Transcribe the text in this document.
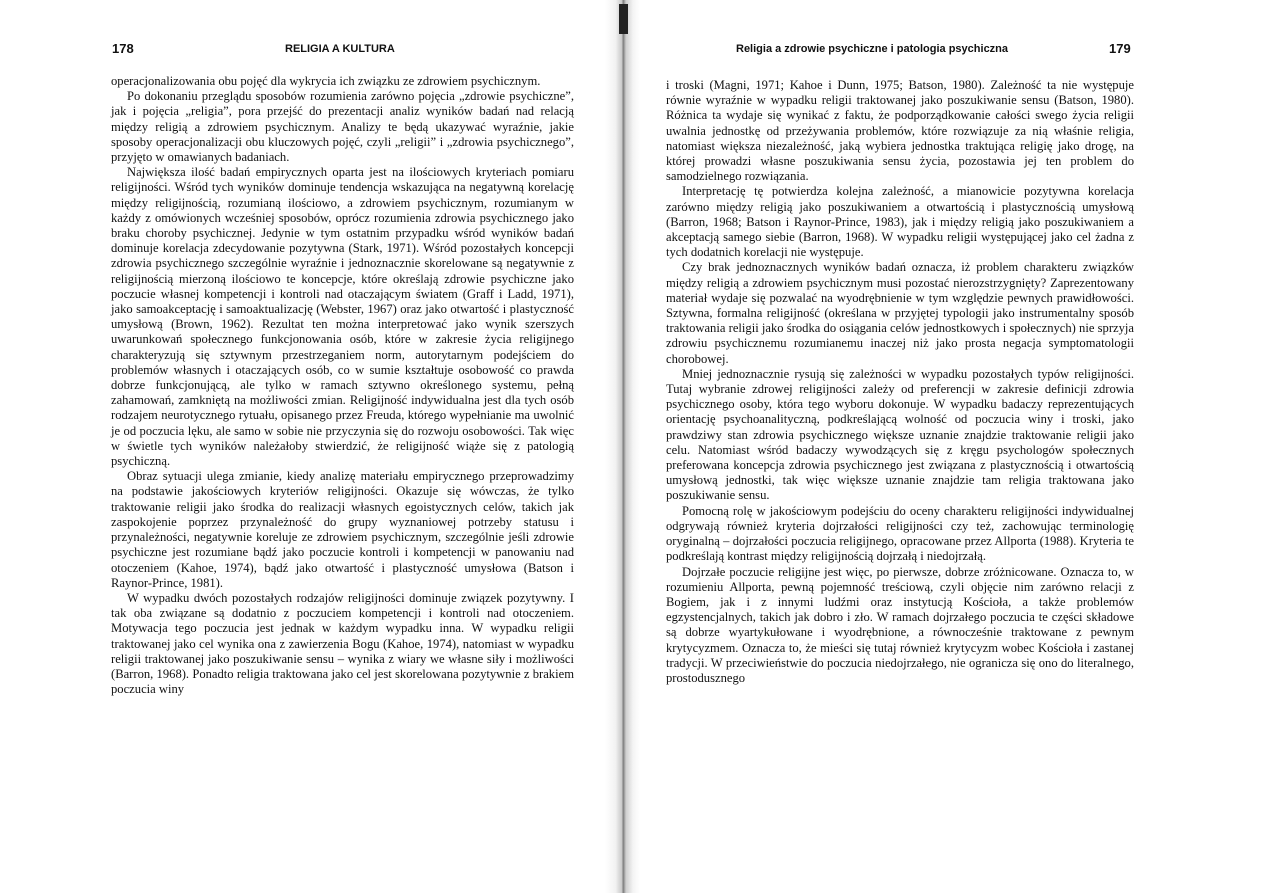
178	RELIGIA A KULTURA

operacjonalizowania obu pojęć dla wykrycia ich związku ze zdrowiem psychicznym.

Po dokonaniu przeglądu sposobów rozumienia zarówno pojęcia „zdrowie psychiczne”, jak i pojęcia „religia”, pora przejść do prezentacji analiz wyników badań nad relacją między religią a zdrowiem psychicznym. Analizy te będą ukazywać wyraźnie, jakie sposoby operacjonalizacji obu kluczowych pojęć, czyli „religii” i „zdrowia psychicznego”, przyjęto w omawianych badaniach.

Największa ilość badań empirycznych oparta jest na ilościowych kryteriach pomiaru religijności. Wśród tych wyników dominuje tendencja wskazująca na negatywną korelację między religijnością, rozumianą ilościowo, a zdrowiem psychicznym, rozumianym w każdy z omówionych wcześniej sposobów, oprócz rozumienia zdrowia psychicznego jako braku choroby psychicznej. Jedynie w tym ostatnim przypadku wśród wyników badań dominuje korelacja zdecydowanie pozytywna (Stark, 1971). Wśród pozostałych koncepcji zdrowia psychicznego szczególnie wyraźnie i jednoznacznie skorelowane są negatywnie z religijnością mierzoną ilościowo te koncepcje, które określają zdrowie psychiczne jako poczucie własnej kompetencji i kontroli nad otaczającym światem (Graff i Ladd, 1971), jako samoakceptację i samoaktualizację (Webster, 1967) oraz jako otwartość i plastyczność umysłową (Brown, 1962). Rezultat ten można interpretować jako wynik szerszych uwarunkowań społecznego funkcjonowania osób, które w zakresie życia religijnego charakteryzują się sztywnym przestrzeganiem norm, autorytarnym podejściem do problemów własnych i otaczających osób, co w sumie kształtuje osobowość co prawda dobrze funkcjonującą, ale tylko w ramach sztywno określonego systemu, pełną zahamowań, zamkniętą na możliwości zmian. Religijność indywidualna jest dla tych osób rodzajem neurotycznego rytuału, opisanego przez Freuda, którego wypełnianie ma uwolnić je od poczucia lęku, ale samo w sobie nie przyczynia się do rozwoju osobowości. Tak więc w świetle tych wyników należałoby stwierdzić, że religijność wiąże się z patologią psychiczną.

Obraz sytuacji ulega zmianie, kiedy analizę materiału empirycznego przeprowadzimy na podstawie jakościowych kryteriów religijności. Okazuje się wówczas, że tylko traktowanie religii jako środka do realizacji własnych egoistycznych celów, takich jak zaspokojenie poprzez przynależność do grupy wyznaniowej potrzeby statusu i przynależności, negatywnie koreluje ze zdrowiem psychicznym, szczególnie jeśli zdrowie psychiczne jest rozumiane bądź jako poczucie kontroli i kompetencji w panowaniu nad otoczeniem (Kahoe, 1974), bądź jako otwartość i plastyczność umysłowa (Batson i Raynor-Prince, 1981).

W wypadku dwóch pozostałych rodzajów religijności dominuje związek pozytywny. I tak oba związane są dodatnio z poczuciem kompetencji i kontroli nad otoczeniem. Motywacja tego poczucia jest jednak w każdym wypadku inna. W wypadku religii traktowanej jako cel wynika ona z zawierzenia Bogu (Kahoe, 1974), natomiast w wypadku religii traktowanej jako poszukiwanie sensu – wynika z wiary we własne siły i możliwości (Barron, 1968). Ponadto religia traktowana jako cel jest skorelowana pozytywnie z brakiem poczucia winy

Religia a zdrowie psychiczne i patologia psychiczna	179

i troski (Magni, 1971; Kahoe i Dunn, 1975; Batson, 1980). Zależność ta nie występuje równie wyraźnie w wypadku religii traktowanej jako poszukiwanie sensu (Batson, 1980). Różnica ta wydaje się wynikać z faktu, że podporządkowanie całości swego życia religii uwalnia jednostkę od przeżywania problemów, które rozwiązuje za nią właśnie religia, natomiast większa niezależność, jaką wybiera jednostka traktująca religię jako drogę, na której prowadzi własne poszukiwania sensu życia, pozostawia jej ten problem do samodzielnego rozwiązania.

Interpretację tę potwierdza kolejna zależność, a mianowicie pozytywna korelacja zarówno między religią jako poszukiwaniem a otwartością i plastycznością umysłową (Barron, 1968; Batson i Raynor-Prince, 1983), jak i między religią jako poszukiwaniem a akceptacją samego siebie (Barron, 1968). W wypadku religii występującej jako cel żadna z tych dodatnich korelacji nie występuje.

Czy brak jednoznacznych wyników badań oznacza, iż problem charakteru związków między religią a zdrowiem psychicznym musi pozostać nierozstrzygnięty? Zaprezentowany materiał wydaje się pozwalać na wyodrębnienie w tym względzie pewnych prawidłowości. Sztywna, formalna religijność (określana w przyjętej typologii jako instrumentalny sposób traktowania religii jako środka do osiągania celów jednostkowych i społecznych) nie sprzyja zdrowiu psychicznemu rozumianemu inaczej niż jako prosta negacja symptomatologii chorobowej.

Mniej jednoznacznie rysują się zależności w wypadku pozostałych typów religijności. Tutaj wybranie zdrowej religijności zależy od preferencji w zakresie definicji zdrowia psychicznego osoby, która tego wyboru dokonuje. W wypadku badaczy reprezentujących orientację psychoanalityczną, podkreślającą wolność od poczucia winy i troski, jako prawdziwy stan zdrowia psychicznego większe uznanie znajdzie traktowanie religii jako celu. Natomiast wśród badaczy wywodzących się z kręgu psychologów społecznych preferowana koncepcja zdrowia psychicznego jest związana z plastycznością i otwartością umysłową jednostki, tak więc większe uznanie znajdzie tam religia traktowana jako poszukiwanie sensu.

Pomocną rolę w jakościowym podejściu do oceny charakteru religijności indywidualnej odgrywają również kryteria dojrzałości religijności czy też, zachowując terminologię oryginalną – dojrzałości poczucia religijnego, opracowane przez Allporta (1988). Kryteria te podkreślają kontrast między religijnością dojrzałą i niedojrzałą.

Dojrzałe poczucie religijne jest więc, po pierwsze, dobrze zróżnicowane. Oznacza to, w rozumieniu Allporta, pewną pojemność treściową, czyli objęcie nim zarówno relacji z Bogiem, jak i z innymi ludźmi oraz instytucją Kościoła, a także problemów egzystencjalnych, takich jak dobro i zło. W ramach dojrzałego poczucia te części składowe są dobrze wyartykułowane i wyodrębnione, a równocześnie traktowane z pewnym krytycyzmem. Oznacza to, że mieści się tutaj również krytycyzm wobec Kościoła i zastanej tradycji. W przeciwieństwie do poczucia niedojrzałego, nie ogranicza się ono do literalnego, prostodusznego
